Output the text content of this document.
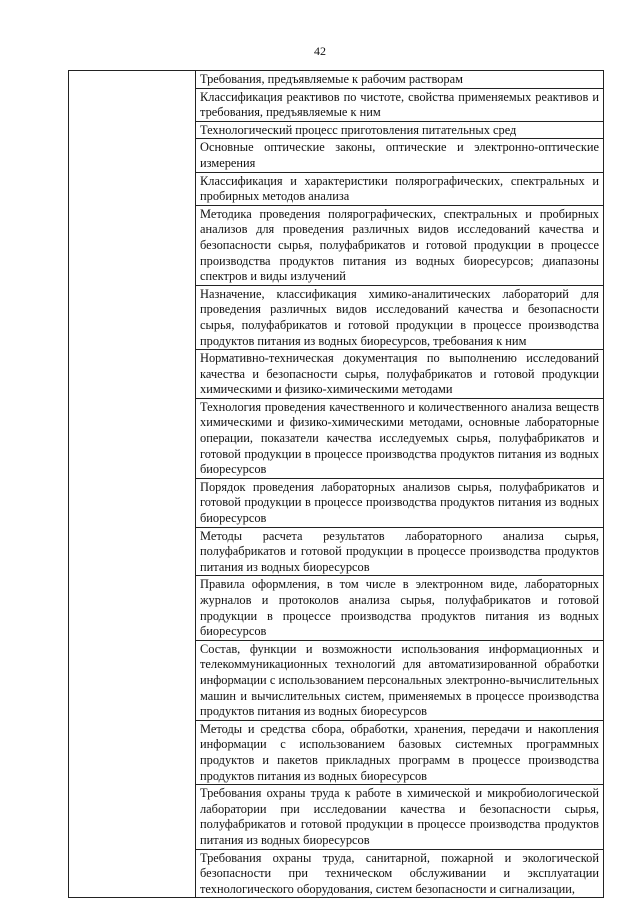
42

Требования, предъявляемые к рабочим растворам

Классификация реактивов по чистоте, свойства применяемых реактивов и требования, предъявляемые к ним

Технологический процесс приготовления питательных сред

Основные оптические законы, оптические и электронно-оптические измерения

Классификация и характеристики полярографических, спектральных и пробирных методов анализа

Методика проведения полярографических, спектральных и пробирных анализов для проведения различных видов исследований качества и безопасности сырья, полуфабрикатов и готовой продукции в процессе производства продуктов питания из водных биоресурсов; диапазоны спектров и виды излучений

Назначение, классификация химико-аналитических лабораторий для проведения различных видов исследований качества и безопасности сырья, полуфабрикатов и готовой продукции в процессе производства продуктов питания из водных биоресурсов, требования к ним

Нормативно-техническая документация по выполнению исследований качества и безопасности сырья, полуфабрикатов и готовой продукции химическими и физико-химическими методами

Технология проведения качественного и количественного анализа веществ химическими и физико-химическими методами, основные лабораторные операции, показатели качества исследуемых сырья, полуфабрикатов и готовой продукции в процессе производства продуктов питания из водных биоресурсов

Порядок проведения лабораторных анализов сырья, полуфабрикатов и готовой продукции в процессе производства продуктов питания из водных биоресурсов

Методы расчета результатов лабораторного анализа сырья, полуфабрикатов и готовой продукции в процессе производства продуктов питания из водных биоресурсов

Правила оформления, в том числе в электронном виде, лабораторных журналов и протоколов анализа сырья, полуфабрикатов и готовой продукции в процессе производства продуктов питания из водных биоресурсов

Состав, функции и возможности использования информационных и телекоммуникационных технологий для автоматизированной обработки информации с использованием персональных электронно-вычислительных машин и вычислительных систем, применяемых в процессе производства продуктов питания из водных биоресурсов

Методы и средства сбора, обработки, хранения, передачи и накопления информации с использованием базовых системных программных продуктов и пакетов прикладных программ в процессе производства продуктов питания из водных биоресурсов

Требования охраны труда к работе в химической и микробиологической лаборатории при исследовании качества и безопасности сырья, полуфабрикатов и готовой продукции в процессе производства продуктов питания из водных биоресурсов

Требования охраны труда, санитарной, пожарной и экологической безопасности при техническом обслуживании и эксплуатации технологического оборудования, систем безопасности и сигнализации,
